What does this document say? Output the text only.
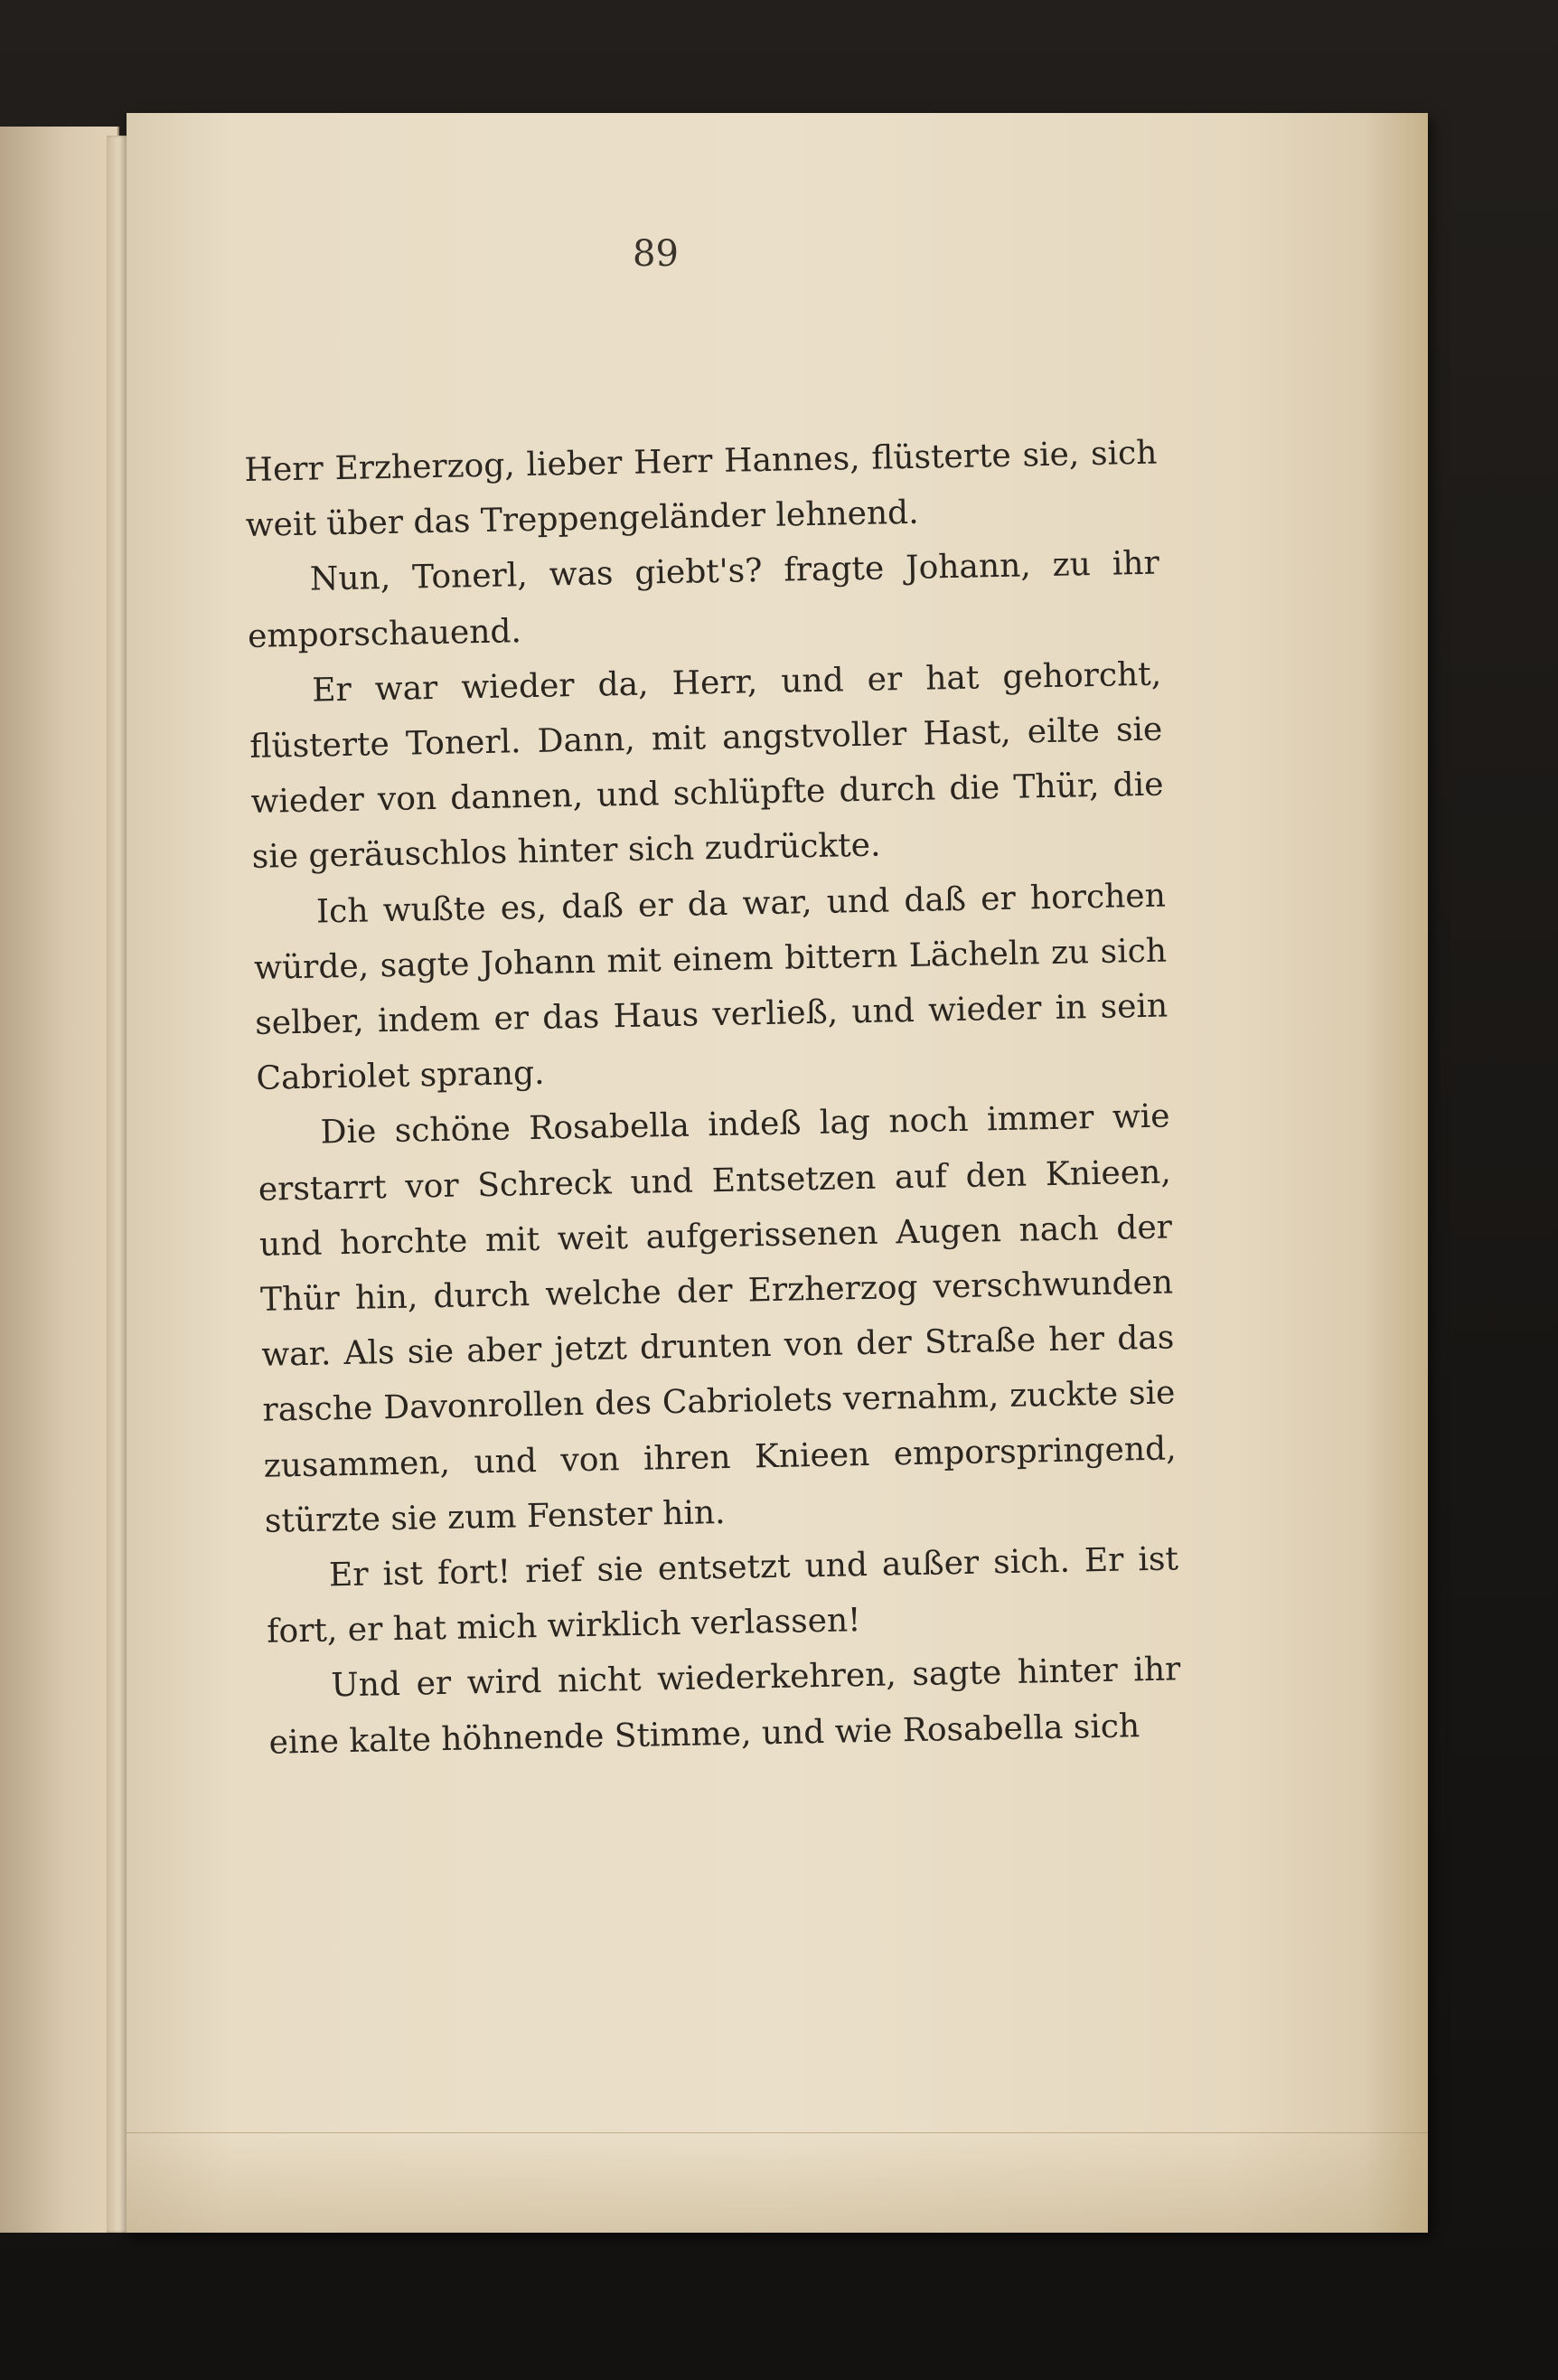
89

Herr Erzherzog, lieber Herr Hannes, flüsterte sie, sich weit über das Treppengeländer lehnend.

Nun, Tonerl, was giebt's? fragte Johann, zu ihr emporschauend.

Er war wieder da, Herr, und er hat gehorcht, flüsterte Tonerl. Dann, mit angstvoller Hast, eilte sie wieder von dannen, und schlüpfte durch die Thür, die sie geräuschlos hinter sich zudrückte.

Ich wußte es, daß er da war, und daß er horchen würde, sagte Johann mit einem bittern Lächeln zu sich selber, indem er das Haus verließ, und wieder in sein Cabriolet sprang.

Die schöne Rosabella indeß lag noch immer wie erstarrt vor Schreck und Entsetzen auf den Knieen, und horchte mit weit aufgerissenen Augen nach der Thür hin, durch welche der Erzherzog verschwunden war. Als sie aber jetzt drunten von der Straße her das rasche Davonrollen des Cabriolets vernahm, zuckte sie zusammen, und von ihren Knieen emporspringend, stürzte sie zum Fenster hin.

Er ist fort! rief sie entsetzt und außer sich. Er ist fort, er hat mich wirklich verlassen!

Und er wird nicht wiederkehren, sagte hinter ihr eine kalte höhnende Stimme, und wie Rosabella sich
